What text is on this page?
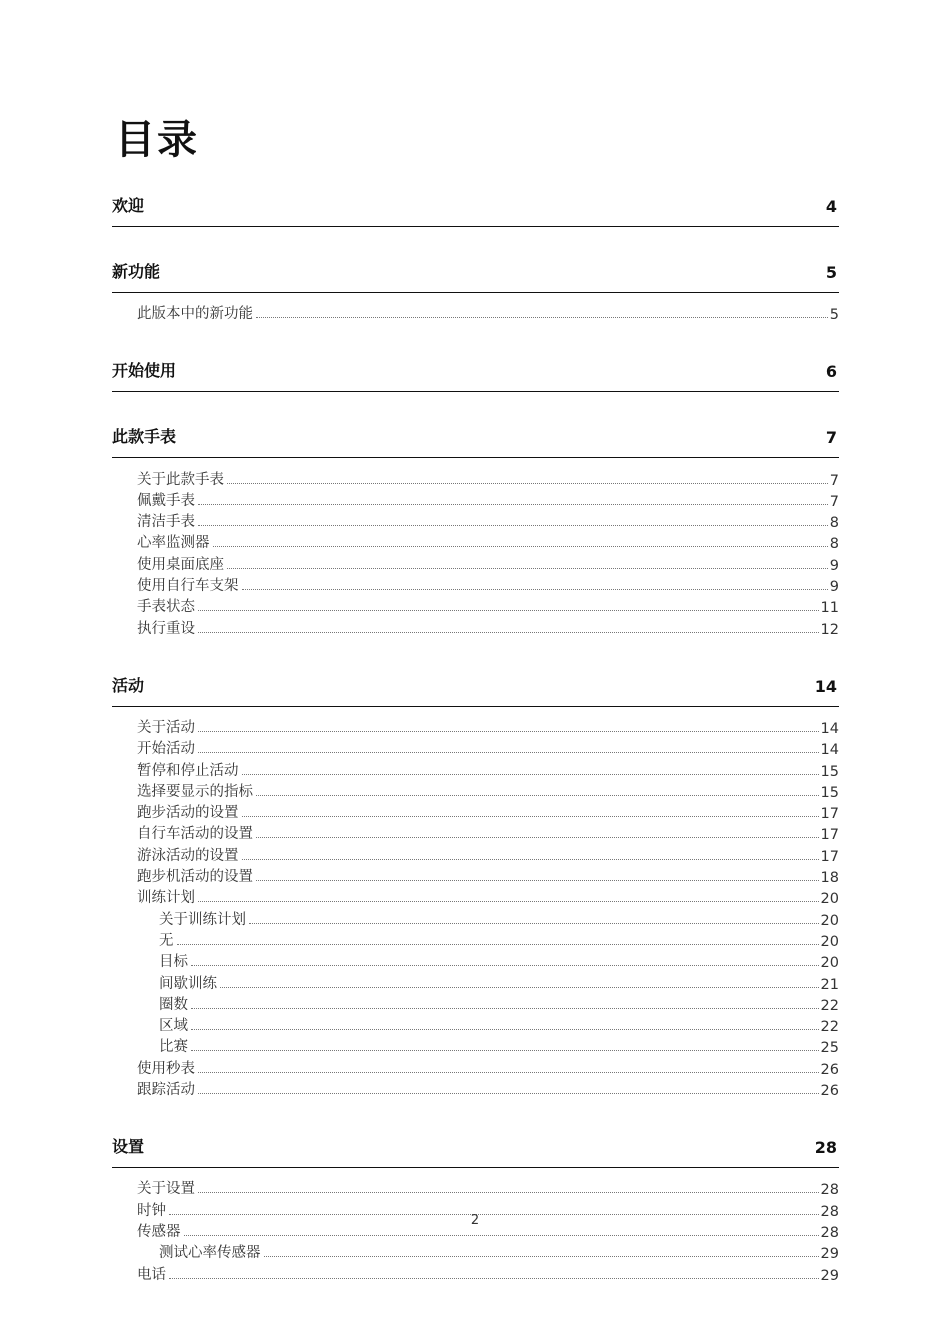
目录
欢迎	4
新功能	5
此版本中的新功能	5
开始使用	6
此款手表	7
关于此款手表	7
佩戴手表	7
清洁手表	8
心率监测器	8
使用桌面底座	9
使用自行车支架	9
手表状态	11
执行重设	12
活动	14
关于活动	14
开始活动	14
暂停和停止活动	15
选择要显示的指标	15
跑步活动的设置	17
自行车活动的设置	17
游泳活动的设置	17
跑步机活动的设置	18
训练计划	20
关于训练计划	20
无	20
目标	20
间歇训练	21
圈数	22
区域	22
比赛	25
使用秒表	26
跟踪活动	26
设置	28
关于设置	28
时钟	28
传感器	28
测试心率传感器	29
电话	29
2
